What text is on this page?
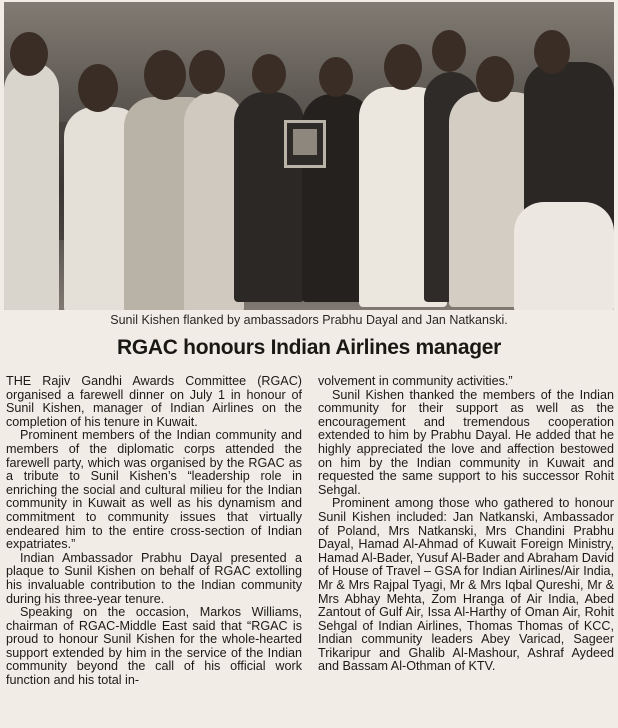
Sunil Kishen flanked by ambassadors Prabhu Dayal and Jan Natkanski.
RGAC honours Indian Airlines manager

THE Rajiv Gandhi Awards Committee (RGAC) organised a farewell dinner on July 1 in honour of Sunil Kishen, manager of Indian Airlines on the completion of his tenure in Kuwait.

Prominent members of the Indian community and members of the diplomatic corps attended the farewell party, which was organised by the RGAC as a tribute to Sunil Kishen’s “leadership role in enriching the social and cultural milieu for the Indian community in Kuwait as well as his dynamism and commitment to community issues that virtually endeared him to the entire cross-section of Indian expatriates.”

Indian Ambassador Prabhu Dayal presented a plaque to Sunil Kishen on behalf of RGAC extolling his invaluable contribution to the Indian community during his three-year tenure.

Speaking on the occasion, Markos Williams, chairman of RGAC-Middle East said that “RGAC is proud to honour Sunil Kishen for the whole-hearted support extended by him in the service of the Indian community beyond the call of his official work function and his total in-

volvement in community activities.”

Sunil Kishen thanked the members of the Indian community for their support as well as the encouragement and tremendous cooperation extended to him by Prabhu Dayal. He added that he highly appreciated the love and affection bestowed on him by the Indian community in Kuwait and requested the same support to his successor Rohit Sehgal.

Prominent among those who gathered to honour Sunil Kishen included: Jan Natkanski, Ambassador of Poland, Mrs Natkanski, Mrs Chandini Prabhu Dayal, Hamad Al-Ahmad of Kuwait Foreign Ministry, Hamad Al-Bader, Yusuf Al-Bader and Abraham David of House of Travel – GSA for Indian Airlines/Air India, Mr & Mrs Rajpal Tyagi, Mr & Mrs Iqbal Qureshi, Mr & Mrs Abhay Mehta, Zom Hranga of Air India, Abed Zantout of Gulf Air, Issa Al-Harthy of Oman Air, Rohit Sehgal of Indian Airlines, Thomas Thomas of KCC, Indian community leaders Abey Varicad, Sageer Trikaripur and Ghalib Al-Mashour, Ashraf Aydeed and Bassam Al-Othman of KTV.
